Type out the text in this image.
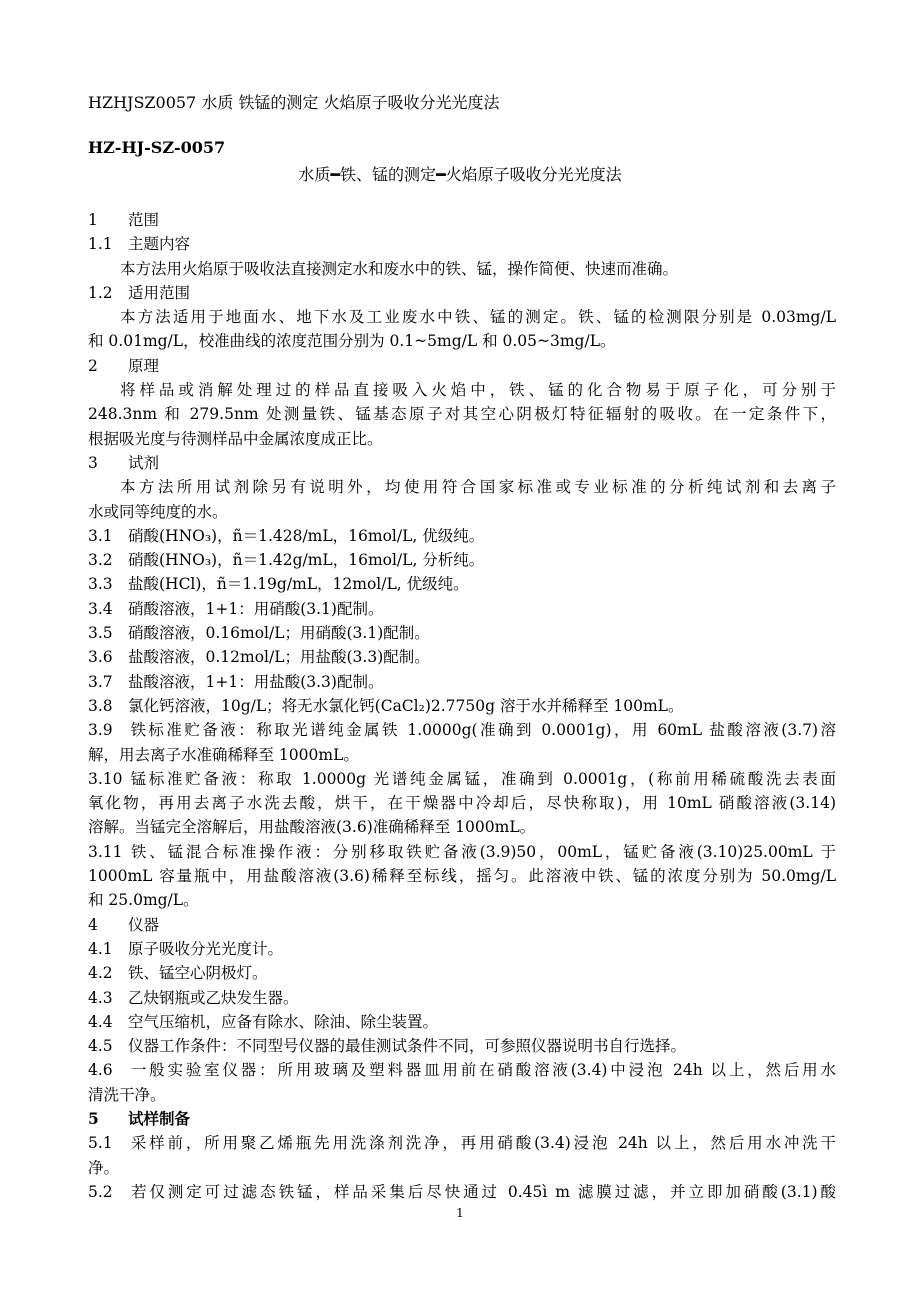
HZHJSZ0057 水质 铁锰的测定 火焰原子吸收分光光度法
HZ-HJ-SZ-0057
水质━铁、锰的测定━火焰原子吸收分光光度法
1 范围
1.1 主题内容
本方法用火焰原于吸收法直接测定水和废水中的铁、锰，操作简便、快速而准确。
1.2 适用范围
本方法适用于地面水、地下水及工业废水中铁、锰的测定。铁、锰的检测限分别是 0.03mg/L
和 0.01mg/L，校准曲线的浓度范围分别为 0.1~5mg/L 和 0.05~3mg/L。
2 原理
将样品或消解处理过的样品直接吸入火焰中，铁、锰的化合物易于原子化，可分别于
248.3nm 和 279.5nm 处测量铁、锰基态原子对其空心阴极灯特征辐射的吸收。在一定条件下，
根据吸光度与待测样品中金属浓度成正比。
3 试剂
本方法所用试剂除另有说明外，均使用符合国家标准或专业标准的分析纯试剂和去离子
水或同等纯度的水。
3.1 硝酸(HNO₃)，ñ＝1.428/mL，16mol/L, 优级纯。
3.2 硝酸(HNO₃)，ñ＝1.42g/mL，16mol/L, 分析纯。
3.3 盐酸(HCl)，ñ＝1.19g/mL，12mol/L, 优级纯。
3.4 硝酸溶液，1+1：用硝酸(3.1)配制。
3.5 硝酸溶液，0.16mol/L；用硝酸(3.1)配制。
3.6 盐酸溶液，0.12mol/L；用盐酸(3.3)配制。
3.7 盐酸溶液，1+1：用盐酸(3.3)配制。
3.8 氯化钙溶液，10g/L；将无水氯化钙(CaCl₂)2.7750g 溶于水并稀释至 100mL。
3.9 铁标准贮备液：称取光谱纯金属铁 1.0000g(准确到 0.0001g)，用 60mL 盐酸溶液(3.7)溶
解，用去离子水准确稀释至 1000mL。
3.10 锰标准贮备液：称取 1.0000g 光谱纯金属锰，准确到 0.0001g，(称前用稀硫酸洗去表面
氧化物，再用去离子水洗去酸，烘干，在干燥器中冷却后，尽快称取)，用 10mL 硝酸溶液(3.14)
溶解。当锰完全溶解后，用盐酸溶液(3.6)准确稀释至 1000mL。
3.11 铁、锰混合标准操作液：分别移取铁贮备液(3.9)50，00mL，锰贮备液(3.10)25.00mL 于
1000mL 容量瓶中，用盐酸溶液(3.6)稀释至标线，摇匀。此溶液中铁、锰的浓度分别为 50.0mg/L
和 25.0mg/L。
4 仪器
4.1 原子吸收分光光度计。
4.2 铁、锰空心阴极灯。
4.3 乙炔钢瓶或乙炔发生器。
4.4 空气压缩机，应备有除水、除油、除尘装置。
4.5 仪器工作条件：不同型号仪器的最佳测试条件不同，可参照仪器说明书自行选择。
4.6 一般实验室仪器：所用玻璃及塑料器皿用前在硝酸溶液(3.4)中浸泡 24h 以上，然后用水
清洗干净。
5 试样制备
5.1 采样前，所用聚乙烯瓶先用洗涤剂洗净，再用硝酸(3.4)浸泡 24h 以上，然后用水冲洗干
净。
5.2 若仅测定可过滤态铁锰，样品采集后尽快通过 0.45ì m 滤膜过滤，并立即加硝酸(3.1)酸
1
